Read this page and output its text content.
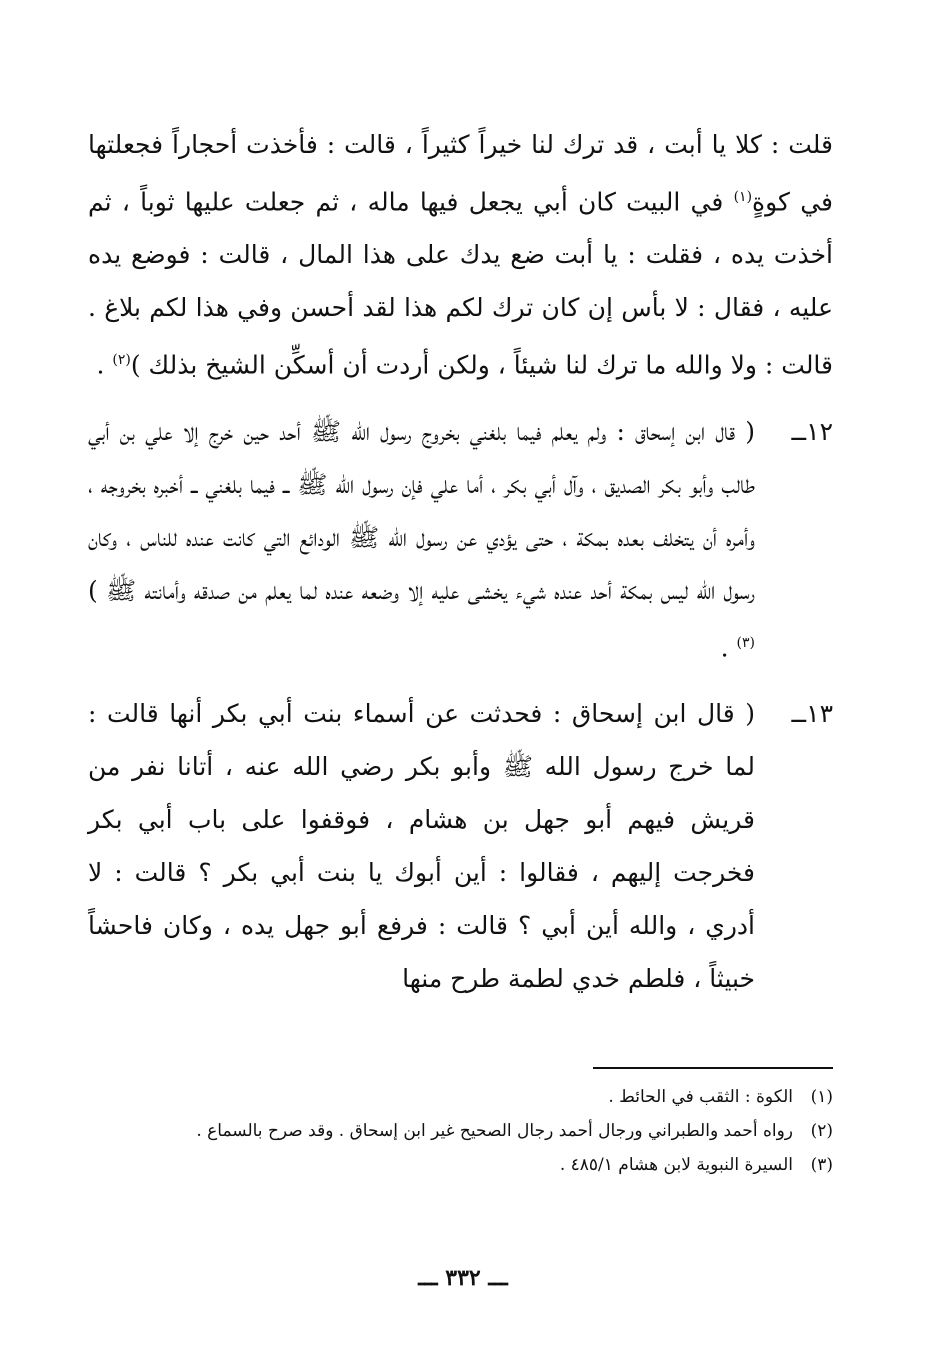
قلت : كلا يا أبت ، قد ترك لنا خيراً كثيراً ، قالت : فأخذت أحجاراً فجعلتها في كوةٍ$^{(١)}$ في البيت كان أبي يجعل فيها ماله ، ثم جعلت عليها ثوباً ، ثم أخذت يده ، فقلت : يا أبت ضع يدك على هذا المال ، قالت : فوضع يده عليه ، فقال : لا بأس إن كان ترك لكم هذا لقد أحسن وفي هذا لكم بلاغ . قالت : ولا والله ما ترك لنا شيئاً ، ولكن أردت أن أسكِّن الشيخ بذلك )$^{(٢)}$ .

١٢ــ
( قال ابن إسحاق : ولم يعلم فيما بلغني بخروج رسول الله ﷺ أحد حين خرج إلا علي بن أبي طالب وأبو بكر الصديق ، وآل أبي بكر ، أما علي فإن رسول الله ﷺ ــ فيما بلغني ــ أخبره بخروجه ، وأمره أن يتخلف بعده بمكة ، حتى يؤدي عن رسول الله ﷺ الودائع التي كانت عنده للناس ، وكان رسول الله ليس بمكة أحد عنده شيء يخشى عليه إلا وضعه عنده لما يعلم من صدقه وأمانته ﷺ )$^{(٣)}$ .

١٣ــ
( قال ابن إسحاق : فحدثت عن أسماء بنت أبي بكر أنها قالت : لما خرج رسول الله ﷺ وأبو بكر رضي الله عنه ، أتانا نفر من قريش فيهم أبو جهل بن هشام ، فوقفوا على باب أبي بكر فخرجت إليهم ، فقالوا : أين أبوك يا بنت أبي بكر ؟ قالت : لا أدري ، والله أين أبي ؟ قالت : فرفع أبو جهل يده ، وكان فاحشاً خبيثاً ، فلطم خدي لطمة طرح منها

(١)الكوة : الثقب في الحائط .
(٢)رواه أحمد والطبراني ورجال أحمد رجال الصحيح غير ابن إسحاق . وقد صرح بالسماع .
(٣)السيرة النبوية لابن هشام ٤٨٥/١ .
ـــ ٣٣٢ ـــ
